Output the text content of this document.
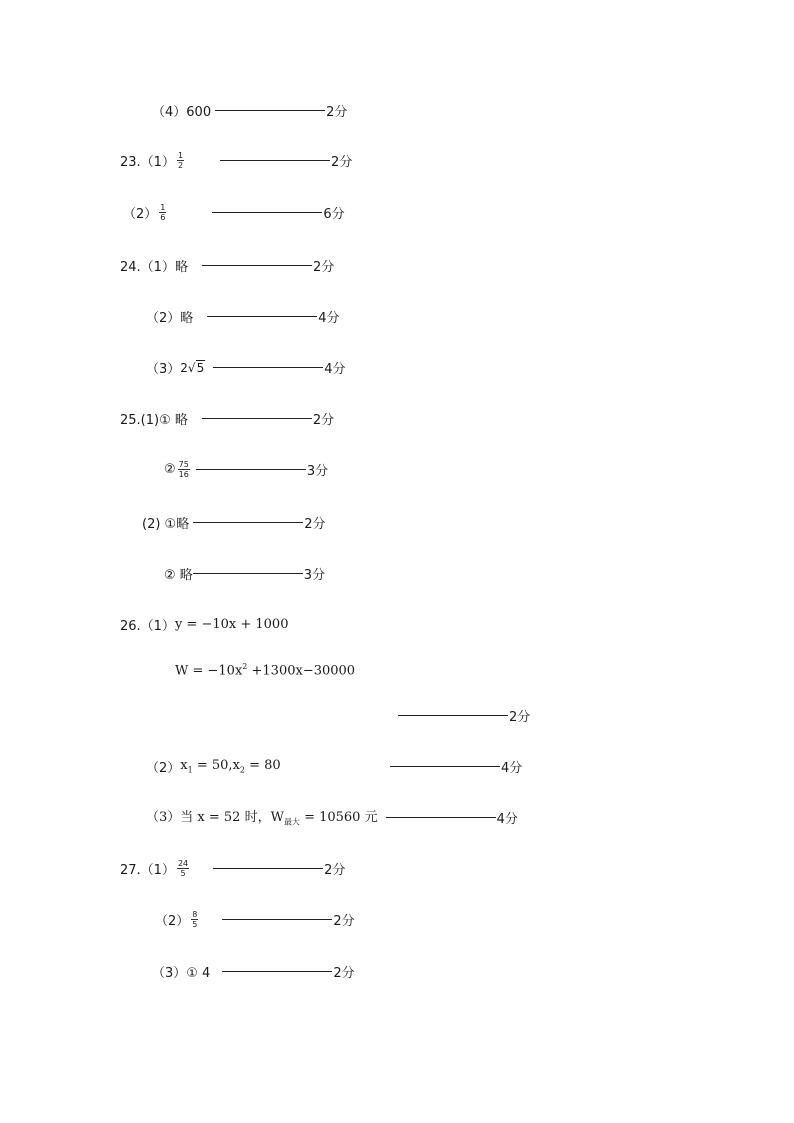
（4）600	2分
$23.(1) \frac{1}{2}$	2分
$(2) \frac{1}{6}$	6分
24.（1）略	2分
（2）略	4分
（3） 2 √ 5	4分
25.(1)① 略	2分
② $\frac{75}{16}$	3分
(2) ①略	2分
② 略	3分
26.（1） y = −10x + 1000
$W = -10x^2 +1300x-30000$
2分
（2） $x_1 = 50,x_2 = 80$	4分
（3）当 x = 52 时，$W_{最大} = 10560$ 元	4分
$27.(1) \frac{24}{5}$	2分
$(2) \frac{8}{5}$	2分
（3）① 4	2分
